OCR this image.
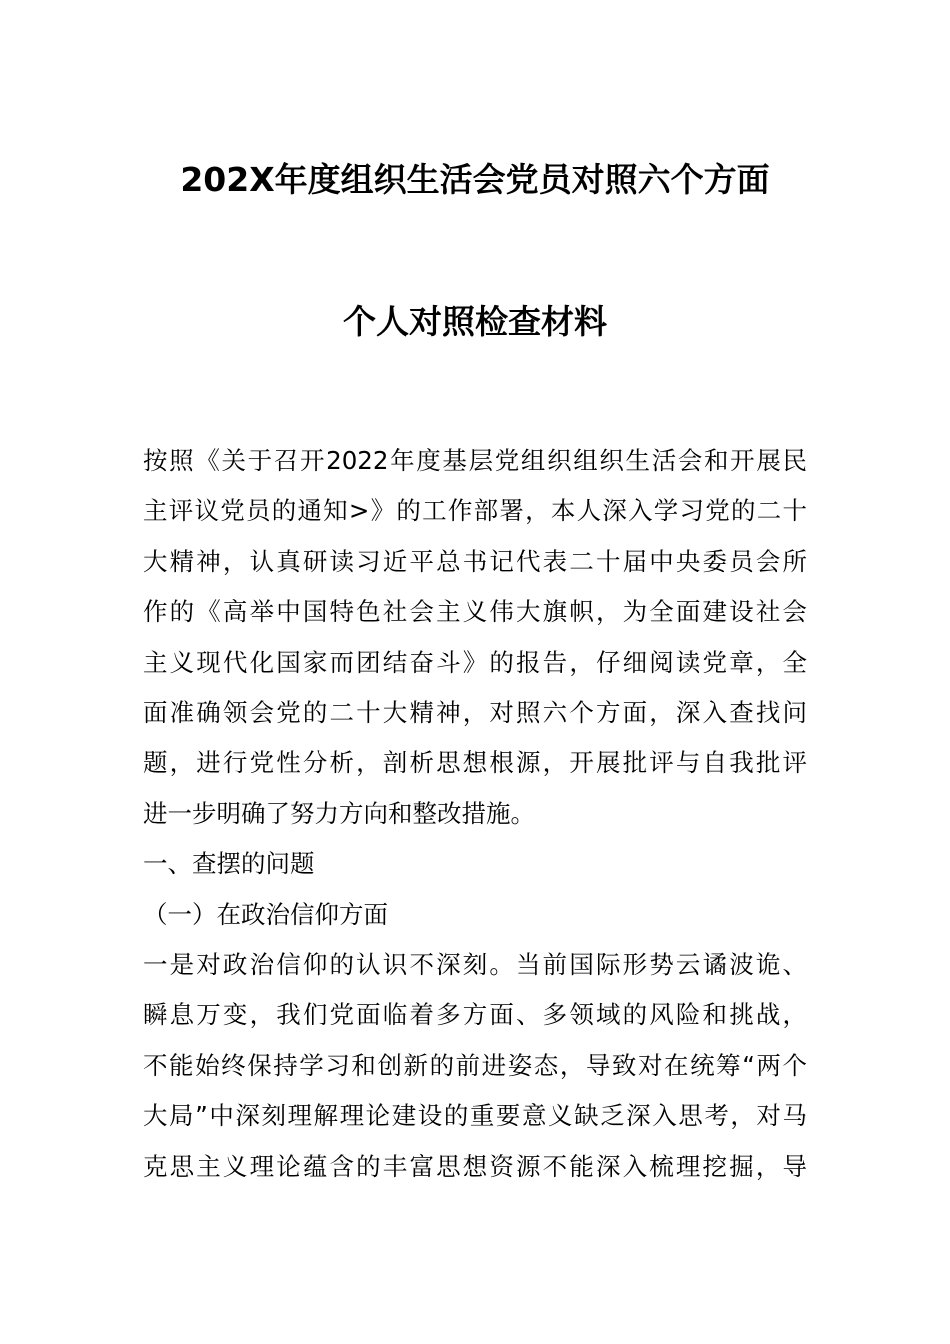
202X年度组织生活会党员对照六个方面
个人对照检查材料

按照《关于召开2022年度基层党组织组织生活会和开展民
主评议党员的通知>》的工作部署，本人深入学习党的二十
大精神，认真研读习近平总书记代表二十届中央委员会所
作的《高举中国特色社会主义伟大旗帜，为全面建设社会
主义现代化国家而团结奋斗》的报告，仔细阅读党章，全
面准确领会党的二十大精神，对照六个方面，深入查找问
题，进行党性分析，剖析思想根源，开展批评与自我批评
进一步明确了努力方向和整改措施。

一、查摆的问题

（一）在政治信仰方面

一是对政治信仰的认识不深刻。当前国际形势云谲波诡、
瞬息万变，我们党面临着多方面、多领域的风险和挑战，
不能始终保持学习和创新的前进姿态，导致对在统筹“两个
大局”中深刻理解理论建设的重要意义缺乏深入思考，对马
克思主义理论蕴含的丰富思想资源不能深入梳理挖掘，导
